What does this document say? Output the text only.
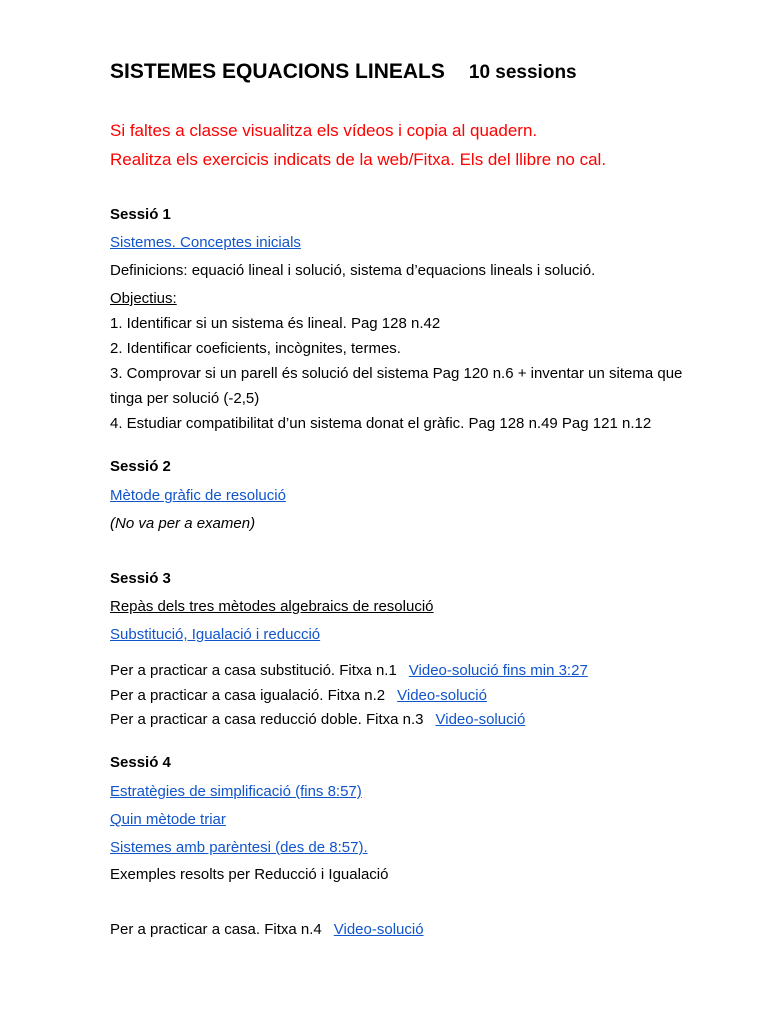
SISTEMES EQUACIONS LINEALS 10 sessions
Si faltes a classe visualitza els vídeos i copia al quadern.
Realitza els exercicis indicats de la web/Fitxa. Els del llibre no cal.
Sessió 1
Sistemes. Conceptes inicials
Definicions: equació lineal i solució, sistema d’equacions lineals i solució.
Objectius:
1. Identificar si un sistema és lineal. Pag 128 n.42
2. Identificar coeficients, incògnites, termes.
3. Comprovar si un parell és solució del sistema Pag 120 n.6 + inventar un sitema que tinga per solució (-2,5)
4. Estudiar compatibilitat d’un sistema donat el gràfic. Pag 128 n.49 Pag 121 n.12
Sessió 2
Mètode gràfic de resolució
(No va per a examen)
Sessió 3
Repàs dels tres mètodes algebraics de resolució
Substitució, Igualació i reducció
Per a practicar a casa substitució. Fitxa n.1 Video-solució fins min 3:27
Per a practicar a casa igualació. Fitxa n.2 Video-solució
Per a practicar a casa reducció doble. Fitxa n.3 Video-solució
Sessió 4
Estratègies de simplificació (fins 8:57)
Quin mètode triar
Sistemes amb parèntesi (des de 8:57).
Exemples resolts per Reducció i Igualació
Per a practicar a casa. Fitxa n.4 Video-solució
